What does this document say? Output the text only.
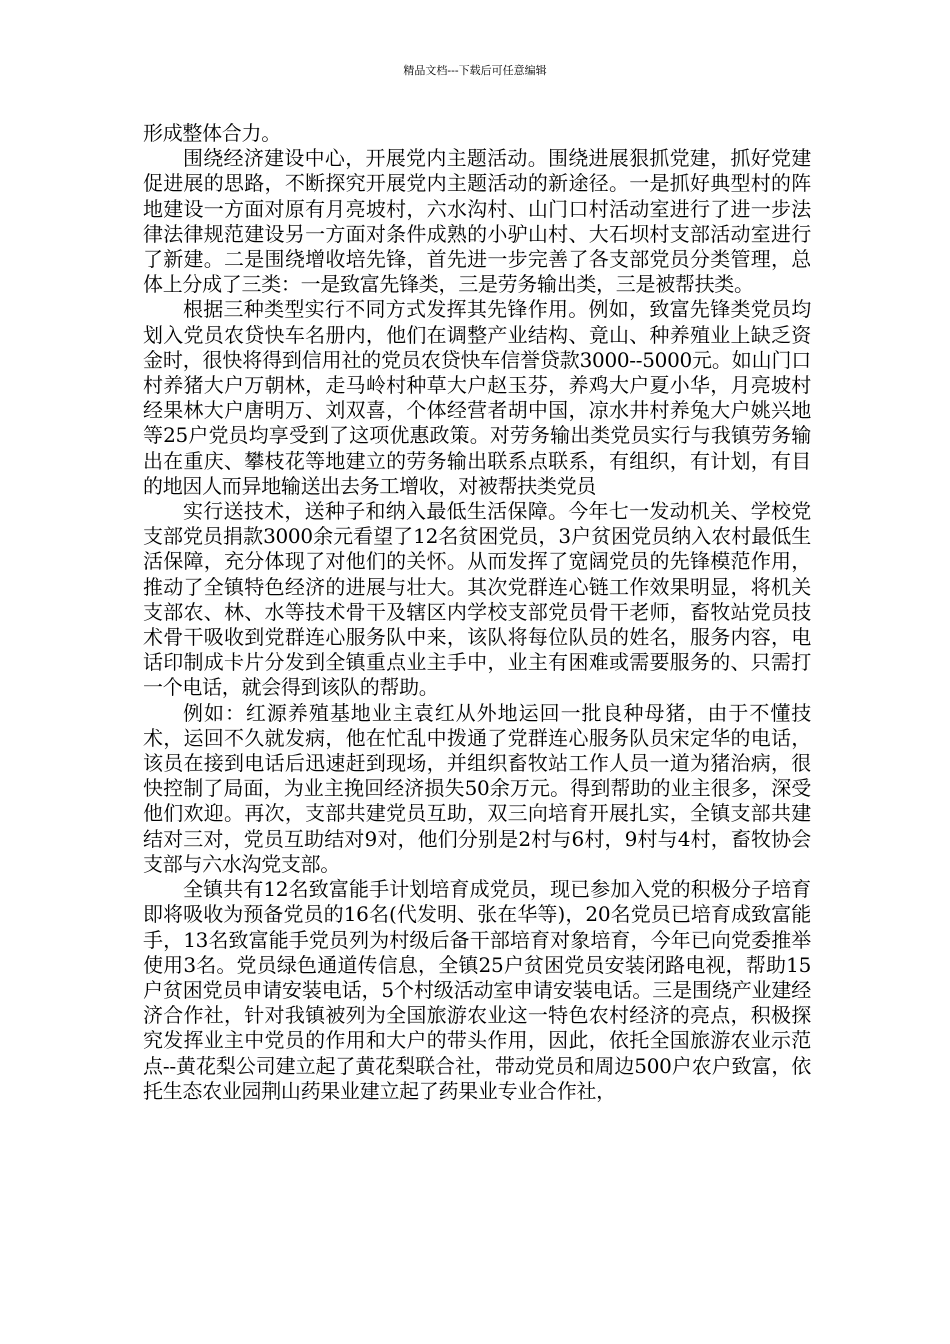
精品文档---下载后可任意编辑

形成整体合力。

围绕经济建设中心，开展党内主题活动。围绕进展狠抓党建，抓好党建促进展的思路，不断探究开展党内主题活动的新途径。一是抓好典型村的阵地建设一方面对原有月亮坡村，六水沟村、山门口村活动室进行了进一步法律法律规范建设另一方面对条件成熟的小驴山村、大石坝村支部活动室进行了新建。二是围绕增收培先锋，首先进一步完善了各支部党员分类管理，总体上分成了三类：一是致富先锋类，三是劳务输出类，三是被帮扶类。

根据三种类型实行不同方式发挥其先锋作用。例如，致富先锋类党员均划入党员农贷快车名册内，他们在调整产业结构、竟山、种养殖业上缺乏资金时，很快将得到信用社的党员农贷快车信誉贷款3000--5000元。如山门口村养猪大户万朝林，走马岭村种草大户赵玉芬，养鸡大户夏小华，月亮坡村经果林大户唐明万、刘双喜，个体经营者胡中国，凉水井村养兔大户姚兴地等25户党员均享受到了这项优惠政策。对劳务输出类党员实行与我镇劳务输出在重庆、攀枝花等地建立的劳务输出联系点联系，有组织，有计划，有目的地因人而异地输送出去务工增收，对被帮扶类党员

实行送技术，送种子和纳入最低生活保障。今年七一发动机关、学校党支部党员捐款3000余元看望了12名贫困党员，3户贫困党员纳入农村最低生活保障，充分体现了对他们的关怀。从而发挥了宽阔党员的先锋模范作用，推动了全镇特色经济的进展与壮大。其次党群连心链工作效果明显，将机关支部农、林、水等技术骨干及辖区内学校支部党员骨干老师，畜牧站党员技术骨干吸收到党群连心服务队中来，该队将每位队员的姓名，服务内容，电话印制成卡片分发到全镇重点业主手中，业主有困难或需要服务的、只需打一个电话，就会得到该队的帮助。

例如：红源养殖基地业主袁红从外地运回一批良种母猪，由于不懂技术，运回不久就发病，他在忙乱中拨通了党群连心服务队员宋定华的电话，该员在接到电话后迅速赶到现场，并组织畜牧站工作人员一道为猪治病，很快控制了局面，为业主挽回经济损失50余万元。得到帮助的业主很多，深受他们欢迎。再次，支部共建党员互助，双三向培育开展扎实，全镇支部共建结对三对，党员互助结对9对，他们分别是2村与6村，9村与4村，畜牧协会支部与六水沟党支部。

全镇共有12名致富能手计划培育成党员，现已参加入党的积极分子培育即将吸收为预备党员的16名(代发明、张在华等)，20名党员已培育成致富能手，13名致富能手党员列为村级后备干部培育对象培育，今年已向党委推举使用3名。党员绿色通道传信息，全镇25户贫困党员安装闭路电视，帮助15户贫困党员申请安装电话，5个村级活动室申请安装电话。三是围绕产业建经济合作社，针对我镇被列为全国旅游农业这一特色农村经济的亮点，积极探究发挥业主中党员的作用和大户的带头作用，因此，依托全国旅游农业示范点--黄花梨公司建立起了黄花梨联合社，带动党员和周边500户农户致富，依托生态农业园荆山药果业建立起了药果业专业合作社，
